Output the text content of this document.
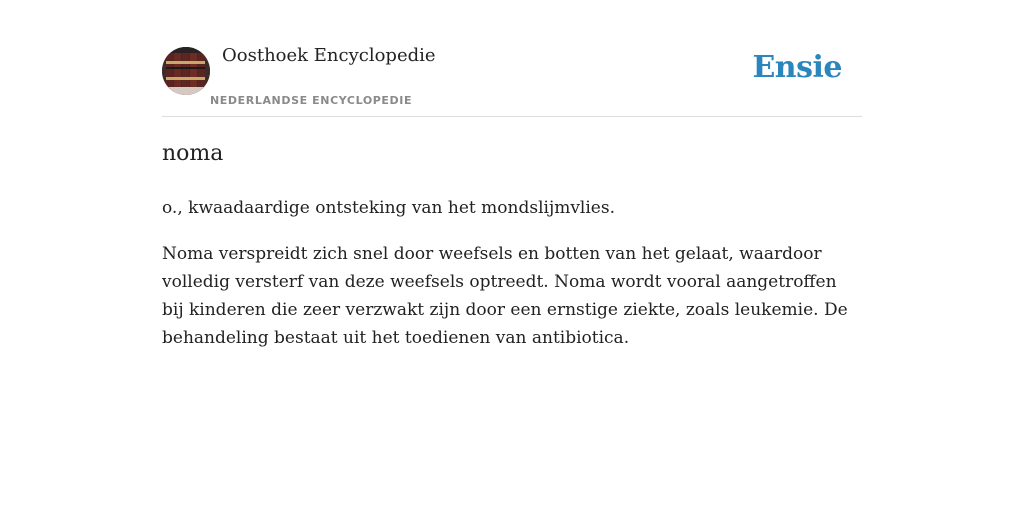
Oosthoek Encyclopedie
NEDERLANDSE ENCYCLOPEDIE
Ensie
noma

o., kwaadaardige ontsteking van het mondslijmvlies.

Noma verspreidt zich snel door weefsels en botten van het gelaat, waardoor volledig versterf van deze weefsels optreedt. Noma wordt vooral aangetroffen bij kinderen die zeer verzwakt zijn door een ernstige ziekte, zoals leukemie. De behandeling bestaat uit het toedienen van antibiotica.
